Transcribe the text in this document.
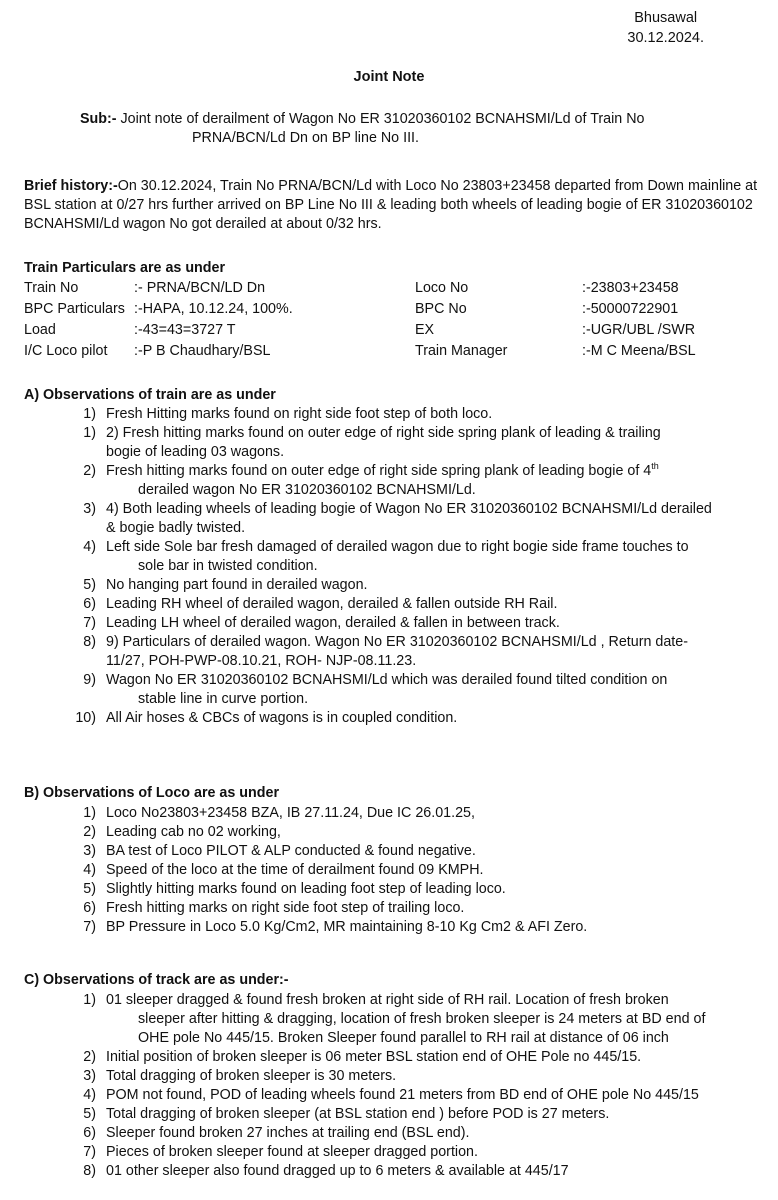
Bhusawal
30.12.2024.
Joint Note
Sub:- Joint note of derailment of Wagon No ER 31020360102 BCNAHSMI/Ld of Train No
PRNA/BCN/Ld Dn on BP line No III.
Brief history:-On 30.12.2024, Train No PRNA/BCN/Ld with Loco No 23803+23458 departed from Down mainline at BSL station at 0/27 hrs further arrived on BP Line No III & leading both wheels of leading bogie of ER 31020360102 BCNAHSMI/Ld wagon No got derailed at about 0/32 hrs.
Train Particulars are as under
Train No	:- PRNA/BCN/LD Dn	Loco No	:-23803+23458
BPC Particulars :-HAPA, 10.12.24, 100%.	BPC No	:-50000722901
Load	:-43=43=3727 T	EX	:-UGR/UBL /SWR
I/C Loco pilot :-P B Chaudhary/BSL	Train Manager	:-M C Meena/BSL
A) Observations of train are as under
1) Fresh Hitting marks found on right side foot step of both loco.
1) 2) Fresh hitting marks found on outer edge of right side spring plank of leading & trailing
bogie of leading 03 wagons.
2) Fresh hitting marks found on outer edge of right side spring plank of leading bogie of 4th
derailed wagon No ER 31020360102 BCNAHSMI/Ld.
3) 4) Both leading wheels of leading bogie of Wagon No ER 31020360102 BCNAHSMI/Ld derailed
& bogie badly twisted.
4) Left side Sole bar fresh damaged of derailed wagon due to right bogie side frame touches to
sole bar in twisted condition.
5) No hanging part found in derailed wagon.
6) Leading RH wheel of derailed wagon, derailed & fallen outside RH Rail.
7) Leading LH wheel of derailed wagon, derailed & fallen in between track.
8) 9) Particulars of derailed wagon. Wagon No ER 31020360102 BCNAHSMI/Ld , Return date-
11/27, POH-PWP-08.10.21, ROH- NJP-08.11.23.
9) Wagon No ER 31020360102 BCNAHSMI/Ld which was derailed found tilted condition on
stable line in curve portion.
10) All Air hoses & CBCs of wagons is in coupled condition.
B) Observations of Loco are as under
1) Loco No23803+23458 BZA, IB 27.11.24, Due IC 26.01.25,
2) Leading cab no 02 working,
3) BA test of Loco PILOT & ALP conducted & found negative.
4) Speed of the loco at the time of derailment found 09 KMPH.
5) Slightly hitting marks found on leading foot step of leading loco.
6) Fresh hitting marks on right side foot step of trailing loco.
7) BP Pressure in Loco 5.0 Kg/Cm2, MR maintaining 8-10 Kg Cm2 & AFI Zero.
C) Observations of track are as under:-
1) 01 sleeper dragged & found fresh broken at right side of RH rail. Location of fresh broken
sleeper after hitting & dragging, location of fresh broken sleeper is 24 meters at BD end of
OHE pole No 445/15. Broken Sleeper found parallel to RH rail at distance of 06 inch
2) Initial position of broken sleeper is 06 meter BSL station end of OHE Pole no 445/15.
3) Total dragging of broken sleeper is 30 meters.
4) POM not found, POD of leading wheels found 21 meters from BD end of OHE pole No 445/15
5) Total dragging of broken sleeper (at BSL station end ) before POD is 27 meters.
6) Sleeper found broken 27 inches at trailing end (BSL end).
7) Pieces of broken sleeper found at sleeper dragged portion.
8) 01 other sleeper also found dragged up to 6 meters & available at 445/17
